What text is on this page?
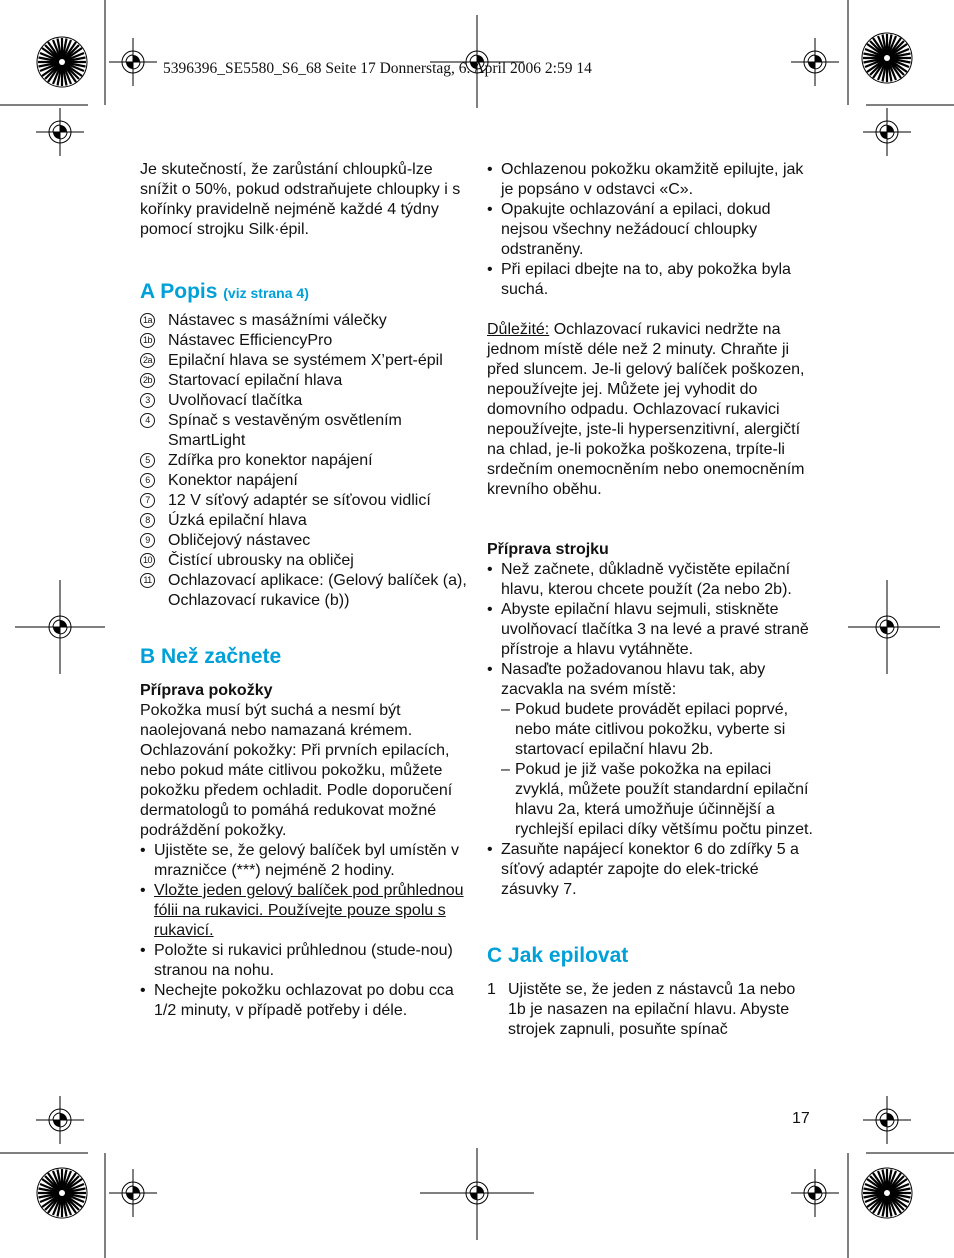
5396396_SE5580_S6_68 Seite 17 Donnerstag, 6. April 2006 2:59 14

Je skutečností, že zarůstání chloupků-lze snížit o 50%, pokud odstraňujete chloupky i s kořínky pravidelně nejméně každé 4 týdny pomocí strojku Silk·épil.

A Popis (viz strana 4)
1a Nástavec s masážními válečky
1b Nástavec EfficiencyPro
2a Epilační hlava se systémem X’pert-épil
2b Startovací epilační hlava
3	Uvolňovací tlačítka
4	Spínač s vestavěným osvětlením SmartLight
5	Zdířka pro konektor napájení
6	Konektor napájení
7	12 V síťový adaptér se síťovou vidlicí
8	Úzká epilační hlava
9	Obličejový nástavec
10 Čistící ubrousky na obličej
11 Ochlazovací aplikace: (Gelový balíček (a), Ochlazovací rukavice (b))
B Než začnete

Příprava pokožky

Pokožka musí být suchá a nesmí být naolejovaná nebo namazaná krémem. Ochlazování pokožky: Při prvních epilacích, nebo pokud máte citlivou pokožku, můžete pokožku předem ochladit. Podle doporučení dermatologů to pomáhá redukovat možné podráždění pokožky.

• Ujistěte se, že gelový balíček byl umístěn v mrazničce (***) nejméně 2 hodiny.
• Vložte jeden gelový balíček pod průhlednou fólii na rukavici. Používejte pouze spolu s rukavicí.
• Položte si rukavici průhlednou (stude-nou) stranou na nohu.
• Nechejte pokožku ochlazovat po dobu cca 1/2 minuty, v případě potřeby i déle.
• Ochlazenou pokožku okamžitě epilujte, jak je popsáno v odstavci «C».
• Opakujte ochlazování a epilaci, dokud nejsou všechny nežádoucí chloupky odstraněny.
• Při epilaci dbejte na to, aby pokožka byla suchá.

Důležité: Ochlazovací rukavici nedržte na jednom místě déle než 2 minuty. Chraňte ji před sluncem. Je-li gelový balíček poškozen, nepoužívejte jej. Můžete jej vyhodit do domovního odpadu. Ochlazovací rukavici nepoužívejte, jste-li hypersenzitivní, alergičtí na chlad, je-li pokožka poškozena, trpíte-li srdečním onemocněním nebo onemocněním krevního oběhu.

Příprava strojku

• Než začnete, důkladně vyčistěte epilační hlavu, kterou chcete použít (2a nebo 2b).
• Abyste epilační hlavu sejmuli, stiskněte uvolňovací tlačítka 3 na levé a pravé straně přístroje a hlavu vytáhněte.
• Nasaďte požadovanou hlavu tak, aby zacvakla na svém místě:
– Pokud budete provádět epilaci poprvé, nebo máte citlivou pokožku, vyberte si startovací epilační hlavu 2b.
– Pokud je již vaše pokožka na epilaci zvyklá, můžete použít standardní epilační hlavu 2a, která umožňuje účinnější a rychlejší epilaci díky většímu počtu pinzet.
• Zasuňte napájecí konektor 6 do zdířky 5 a síťový adaptér zapojte do elek-trické zásuvky 7.
C Jak epilovat

1 Ujistěte se, že jeden z nástavců 1a nebo 1b je nasazen na epilační hlavu. Abyste strojek zapnuli, posuňte spínač

17
